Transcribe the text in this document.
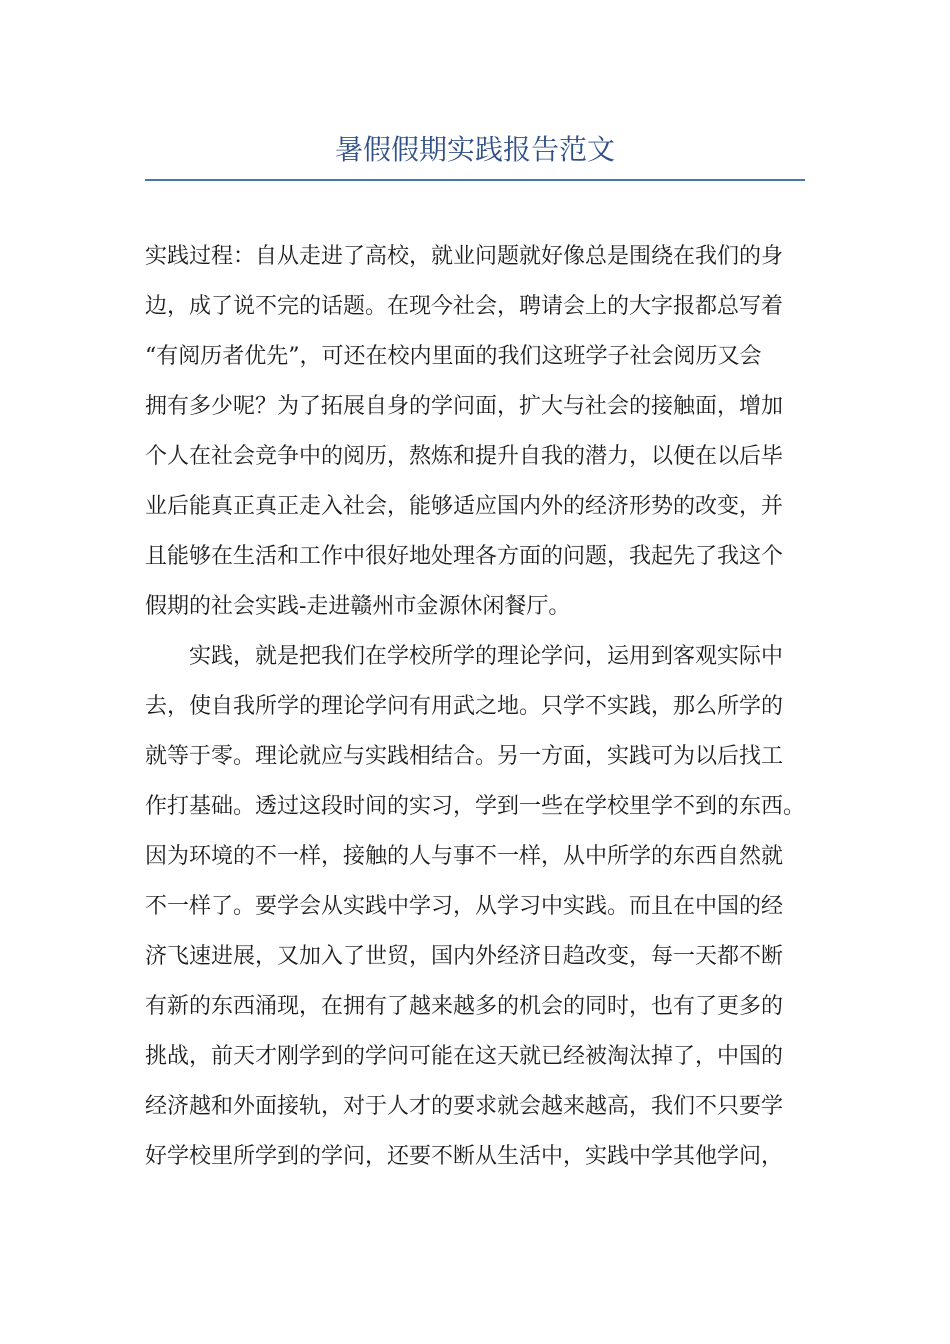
暑假假期实践报告范文
实践过程：自从走进了高校，就业问题就好像总是围绕在我们的身
边，成了说不完的话题。在现今社会，聘请会上的大字报都总写着
“有阅历者优先”，可还在校内里面的我们这班学子社会阅历又会
拥有多少呢？为了拓展自身的学问面，扩大与社会的接触面，增加
个人在社会竞争中的阅历，熬炼和提升自我的潜力，以便在以后毕
业后能真正真正走入社会，能够适应国内外的经济形势的改变，并
且能够在生活和工作中很好地处理各方面的问题，我起先了我这个
假期的社会实践-走进赣州市金源休闲餐厅。
实践，就是把我们在学校所学的理论学问，运用到客观实际中
去，使自我所学的理论学问有用武之地。只学不实践，那么所学的
就等于零。理论就应与实践相结合。另一方面，实践可为以后找工
作打基础。透过这段时间的实习，学到一些在学校里学不到的东西。
因为环境的不一样，接触的人与事不一样，从中所学的东西自然就
不一样了。要学会从实践中学习，从学习中实践。而且在中国的经
济飞速进展，又加入了世贸，国内外经济日趋改变，每一天都不断
有新的东西涌现，在拥有了越来越多的机会的同时，也有了更多的
挑战，前天才刚学到的学问可能在这天就已经被淘汰掉了，中国的
经济越和外面接轨，对于人才的要求就会越来越高，我们不只要学
好学校里所学到的学问，还要不断从生活中，实践中学其他学问，
